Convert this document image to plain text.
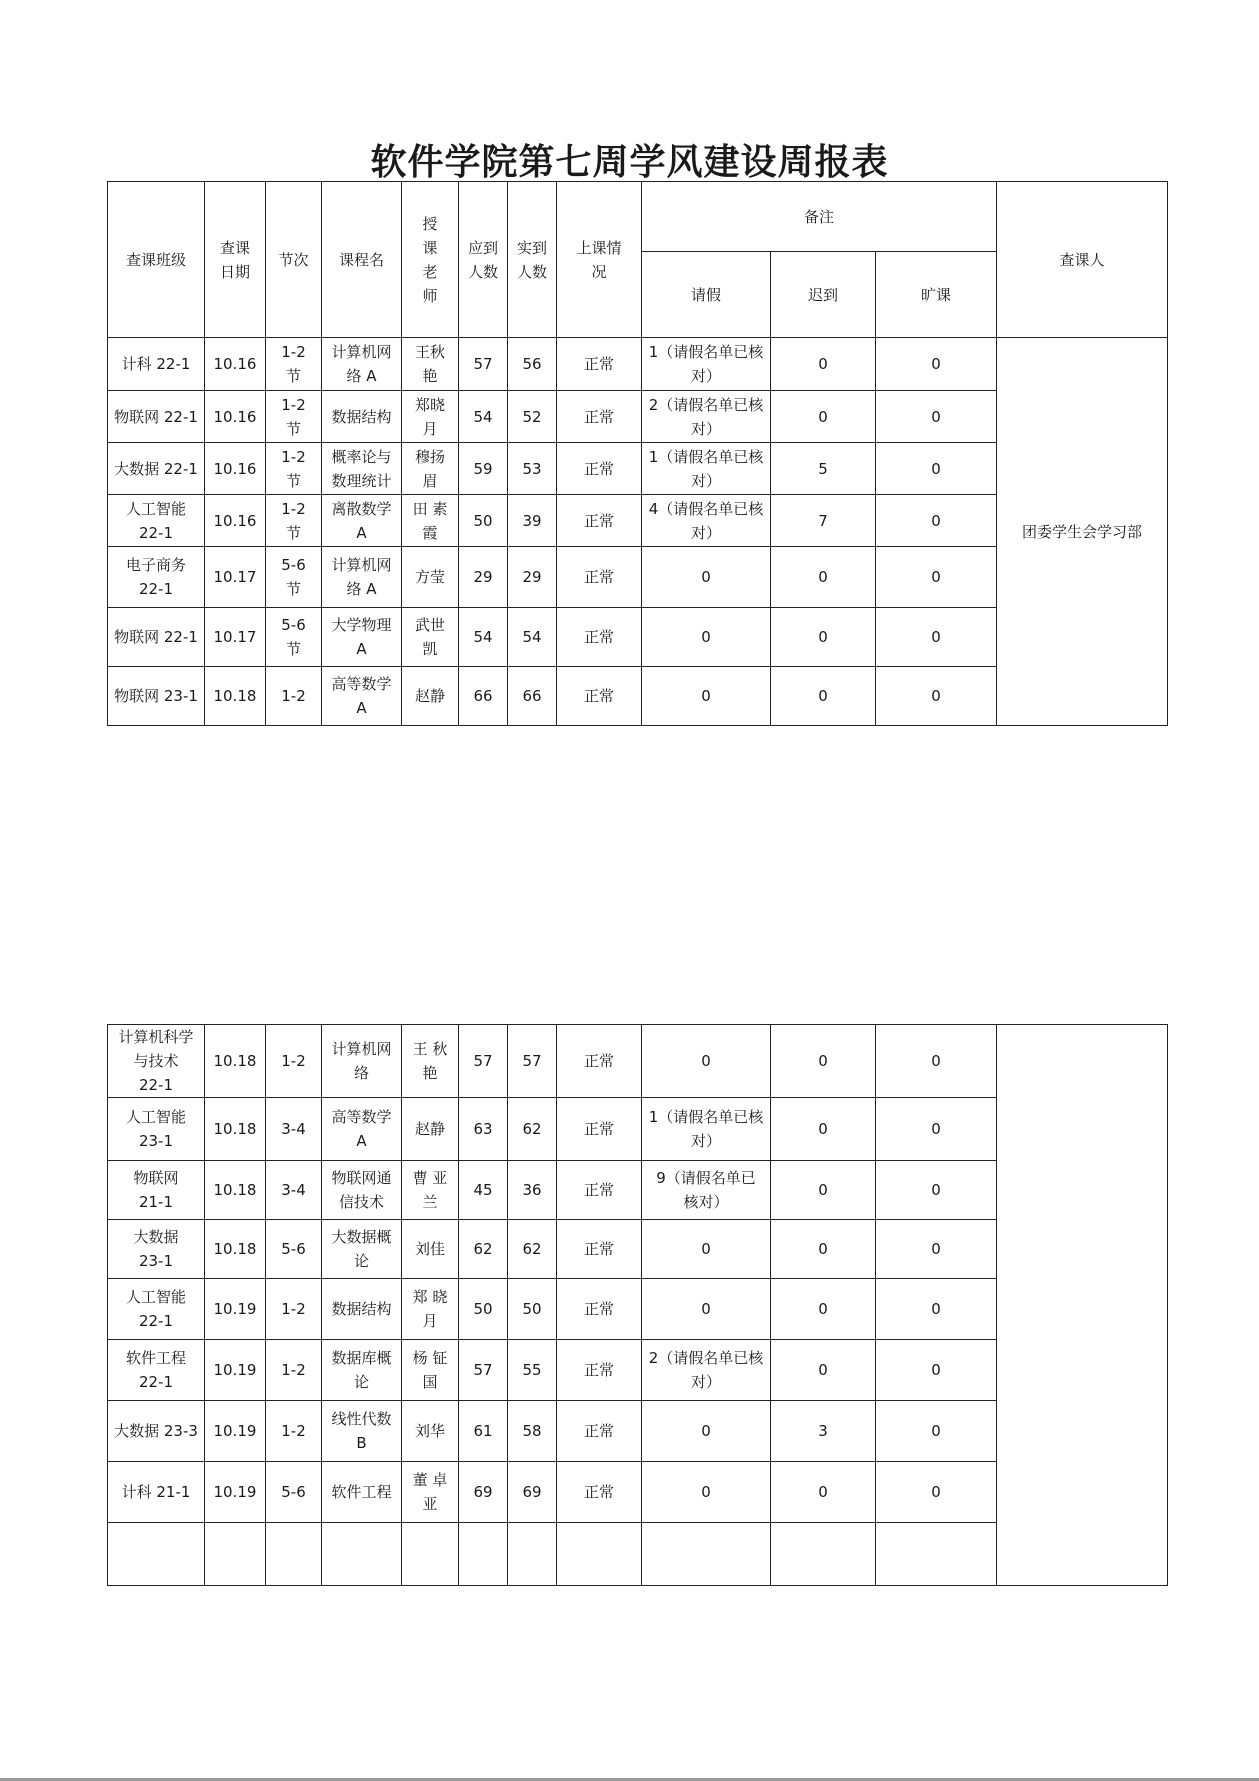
软件学院第七周学风建设周报表
查课班级	查课
日期	节次	课程名	授
课
老
师	应到
人数	实到
人数	上课情
况	备注			查课人
								请假	迟到	旷课	
计科 22-1	10.16	1-2
节	计算机网
络 A	王秋
艳	57	56	正常	1（请假名单已核
对）	0	0	团委学生会学习部
物联网 22-1	10.16	1-2
节	数据结构	郑晓
月	54	52	正常	2（请假名单已核
对）	0	0	
大数据 22-1	10.16	1-2
节	概率论与
数理统计	穆扬
眉	59	53	正常	1（请假名单已核
对）	5	0	
人工智能
22-1	10.16	1-2
节	离散数学
A	田 素
霞	50	39	正常	4（请假名单已核
对）	7	0	
电子商务
22-1	10.17	5-6
节	计算机网
络 A	方莹	29	29	正常	0	0	0	
物联网 22-1	10.17	5-6
节	大学物理
A	武世
凯	54	54	正常	0	0	0	
物联网 23-1	10.18	1-2	高等数学
A	赵静	66	66	正常	0	0	0	
计算机科学
与技术
22-1	10.18	1-2	计算机网
络	王 秋
艳	57	57	正常	0	0	0	
人工智能
23-1	10.18	3-4	高等数学
A	赵静	63	62	正常	1（请假名单已核
对）	0	0	
物联网
21-1	10.18	3-4	物联网通
信技术	曹 亚
兰	45	36	正常	9（请假名单已
核对）	0	0	
大数据
23-1	10.18	5-6	大数据概
论	刘佳	62	62	正常	0	0	0	
人工智能
22-1	10.19	1-2	数据结构	郑 晓
月	50	50	正常	0	0	0	
软件工程
22-1	10.19	1-2	数据库概
论	杨 钲
国	57	55	正常	2（请假名单已核
对）	0	0	
大数据 23-3	10.19	1-2	线性代数
B	刘华	61	58	正常	0	3	0	
计科 21-1	10.19	5-6	软件工程	董 卓
亚	69	69	正常	0	0	0	
